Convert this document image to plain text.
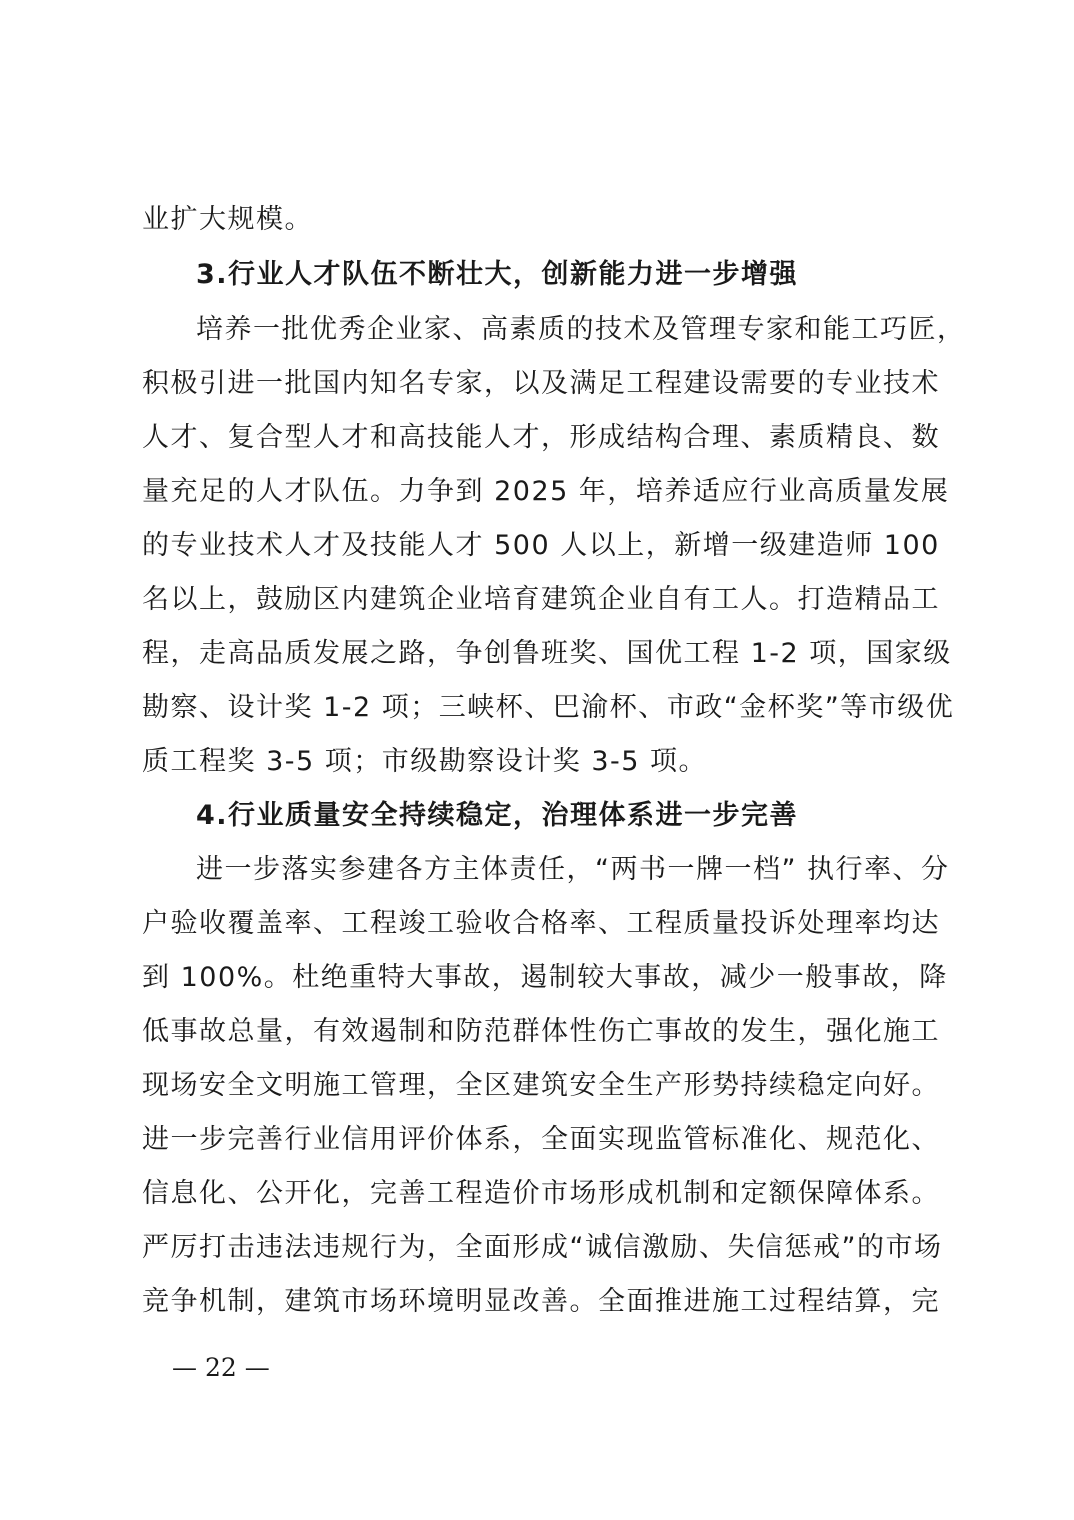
业扩大规模。
3.行业人才队伍不断壮大，创新能力进一步增强
培养一批优秀企业家、高素质的技术及管理专家和能工巧匠，
积极引进一批国内知名专家，以及满足工程建设需要的专业技术
人才、复合型人才和高技能人才，形成结构合理、素质精良、数
量充足的人才队伍。力争到 2025 年，培养适应行业高质量发展
的专业技术人才及技能人才 500 人以上，新增一级建造师 100
名以上，鼓励区内建筑企业培育建筑企业自有工人。打造精品工
程，走高品质发展之路，争创鲁班奖、国优工程 1-2 项，国家级
勘察、设计奖 1-2 项；三峡杯、巴渝杯、市政“金杯奖”等市级优
质工程奖 3-5 项；市级勘察设计奖 3-5 项。
4.行业质量安全持续稳定，治理体系进一步完善
进一步落实参建各方主体责任，“两书一牌一档” 执行率、分
户验收覆盖率、工程竣工验收合格率、工程质量投诉处理率均达
到 100%。杜绝重特大事故，遏制较大事故，减少一般事故，降
低事故总量，有效遏制和防范群体性伤亡事故的发生，强化施工
现场安全文明施工管理，全区建筑安全生产形势持续稳定向好。
进一步完善行业信用评价体系，全面实现监管标准化、规范化、
信息化、公开化，完善工程造价市场形成机制和定额保障体系。
严厉打击违法违规行为，全面形成“诚信激励、失信惩戒”的市场
竞争机制，建筑市场环境明显改善。全面推进施工过程结算，完
— 22 —
